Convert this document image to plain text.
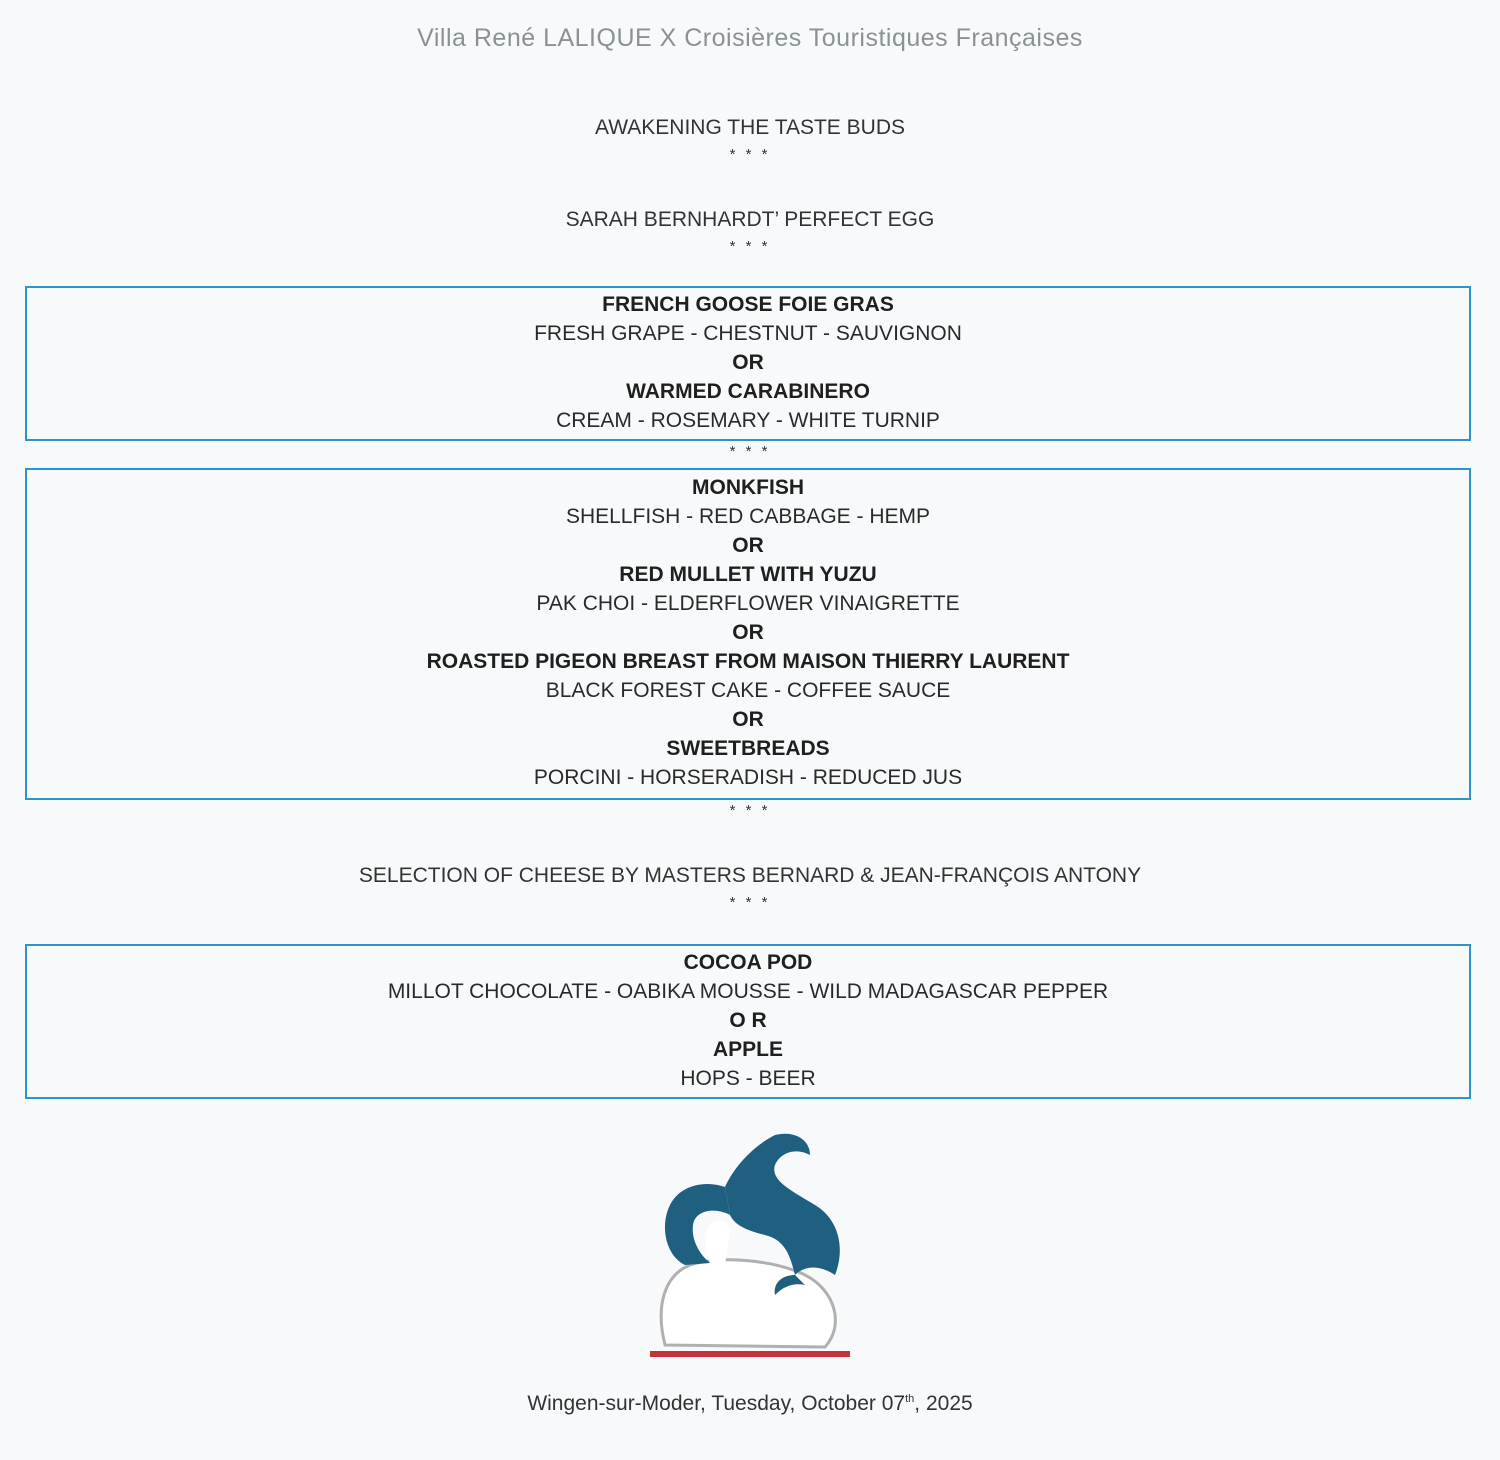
Villa René LALIQUE X Croisières Touristiques Françaises
AWAKENING THE TASTE BUDS
* * *
SARAH BERNHARDT’ PERFECT EGG
* * *
FRENCH GOOSE FOIE GRAS
FRESH GRAPE - CHESTNUT - SAUVIGNON
OR
WARMED CARABINERO
CREAM - ROSEMARY - WHITE TURNIP
* * *
MONKFISH
SHELLFISH - RED CABBAGE - HEMP
OR
RED MULLET WITH YUZU
PAK CHOI - ELDERFLOWER VINAIGRETTE
OR
ROASTED PIGEON BREAST FROM MAISON THIERRY LAURENT
BLACK FOREST CAKE - COFFEE SAUCE
OR
SWEETBREADS
PORCINI - HORSERADISH - REDUCED JUS
* * *
SELECTION OF CHEESE BY MASTERS BERNARD & JEAN-FRANÇOIS ANTONY
* * *
COCOA POD
MILLOT CHOCOLATE - OABIKA MOUSSE - WILD MADAGASCAR PEPPER
O R
APPLE
HOPS - BEER
Wingen-sur-Moder, Tuesday, October 07th, 2025
